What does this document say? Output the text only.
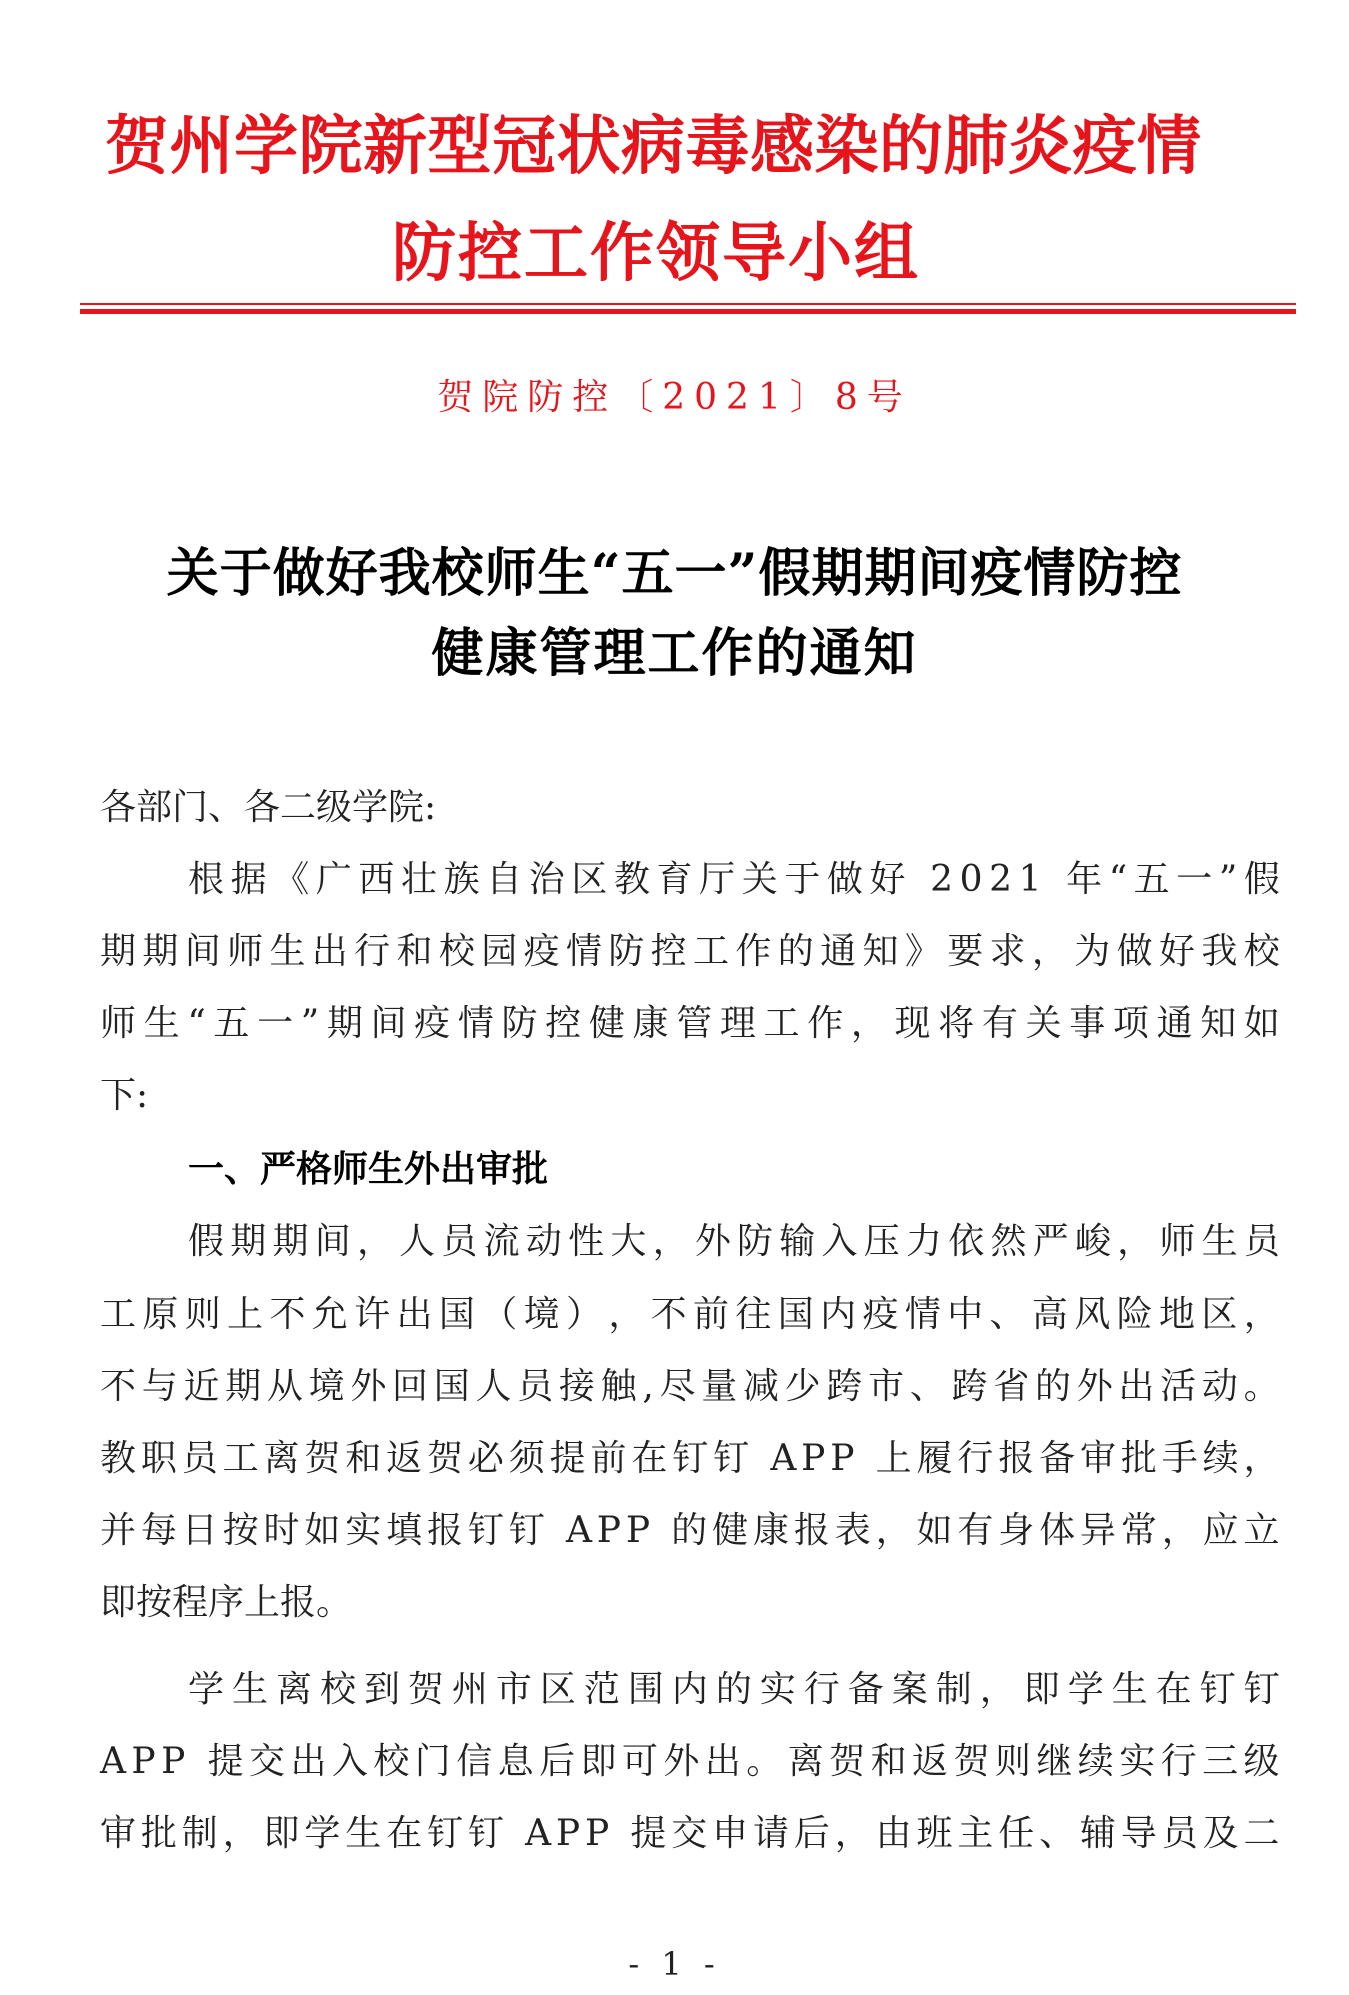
贺州学院新型冠状病毒感染的肺炎疫情
防控工作领导小组
贺院防控〔2021〕8号
关于做好我校师生“五一”假期期间疫情防控
健康管理工作的通知
各部门、各二级学院:
根 据 《 广 西 壮 族 自 治 区 教 育 厅 关 于 做 好
2 0 2 1
年 “ 五 一 ” 假
期 期 间 师 生 出 行 和 校 园 疫 情 防 控 工 作 的 通 知 》 要 求 ， 为 做 好 我 校
师 生 “ 五 一 ” 期 间 疫 情 防 控 健 康 管 理 工 作 ， 现 将 有 关 事 项 通 知 如
下:
一、严格师生外出审批
假 期 期 间 ， 人 员 流 动 性 大 ， 外 防 输 入 压 力 依 然 严 峻 ， 师 生 员
工 原 则 上 不 允 许 出 国 （ 境 ） ， 不 前 往 国 内 疫 情 中 、 高 风 险 地 区 ，
不 与 近 期 从 境 外 回 国 人 员 接 触 , 尽 量 减 少 跨 市 、 跨 省 的 外 出 活 动 。
教 职 员 工 离 贺 和 返 贺 必 须 提 前 在 钉 钉
A P P
上 履 行 报 备 审 批 手 续 ，
并 每 日 按 时 如 实 填 报 钉 钉
A P P
的 健 康 报 表 ， 如 有 身 体 异 常 ， 应 立
即按程序上报。
学 生 离 校 到 贺 州 市 区 范 围 内 的 实 行 备 案 制 ， 即 学 生 在 钉 钉
A P P
提 交 出 入 校 门 信 息 后 即 可 外 出 。 离 贺 和 返 贺 则 继 续 实 行 三 级
审 批 制 ， 即 学 生 在 钉 钉
A P P
提 交 申 请 后 ， 由 班 主 任 、 辅 导 员 及 二
- 1 -
